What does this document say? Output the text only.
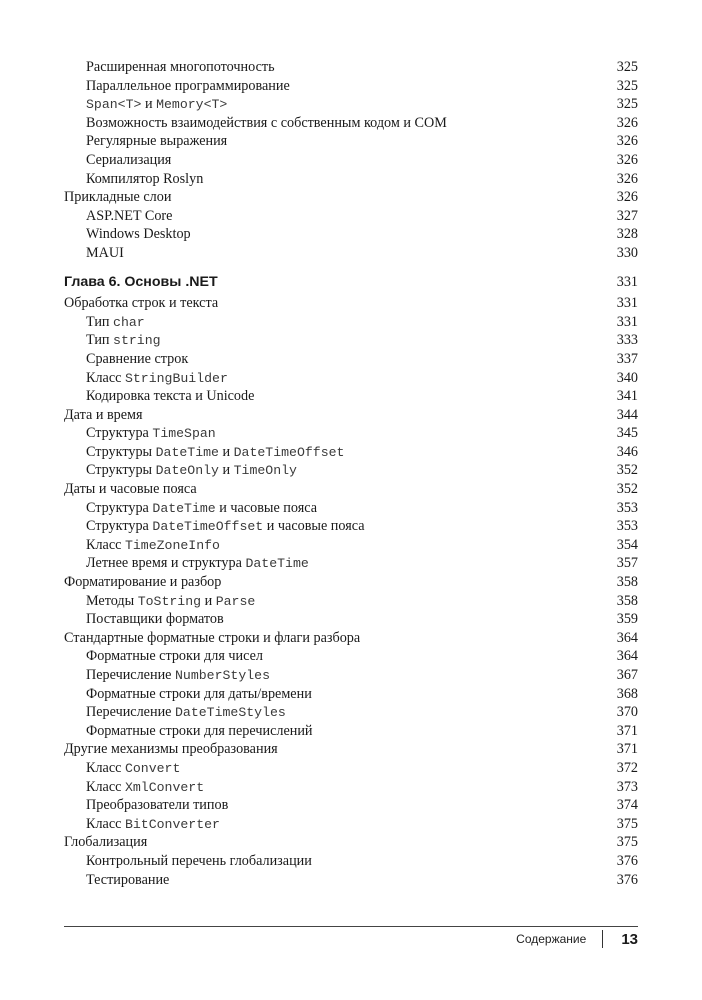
Расширенная многопоточность	325
Параллельное программирование	325
Span<T> и Memory<T>	325
Возможность взаимодействия с собственным кодом и COM	326
Регулярные выражения	326
Сериализация	326
Компилятор Roslyn	326
Прикладные слои	326
ASP.NET Core	327
Windows Desktop	328
MAUI	330
Глава 6. Основы .NET	331
Обработка строк и текста	331
Тип char	331
Тип string	333
Сравнение строк	337
Класс StringBuilder	340
Кодировка текста и Unicode	341
Дата и время	344
Структура TimeSpan	345
Структуры DateTime и DateTimeOffset	346
Структуры DateOnly и TimeOnly	352
Даты и часовые пояса	352
Структура DateTime и часовые пояса	353
Структура DateTimeOffset и часовые пояса	353
Класс TimeZoneInfo	354
Летнее время и структура DateTime	357
Форматирование и разбор	358
Методы ToString и Parse	358
Поставщики форматов	359
Стандартные форматные строки и флаги разбора	364
Форматные строки для чисел	364
Перечисление NumberStyles	367
Форматные строки для даты/времени	368
Перечисление DateTimeStyles	370
Форматные строки для перечислений	371
Другие механизмы преобразования	371
Класс Convert	372
Класс XmlConvert	373
Преобразователи типов	374
Класс BitConverter	375
Глобализация	375
Контрольный перечень глобализации	376
Тестирование	376
Содержание 13
